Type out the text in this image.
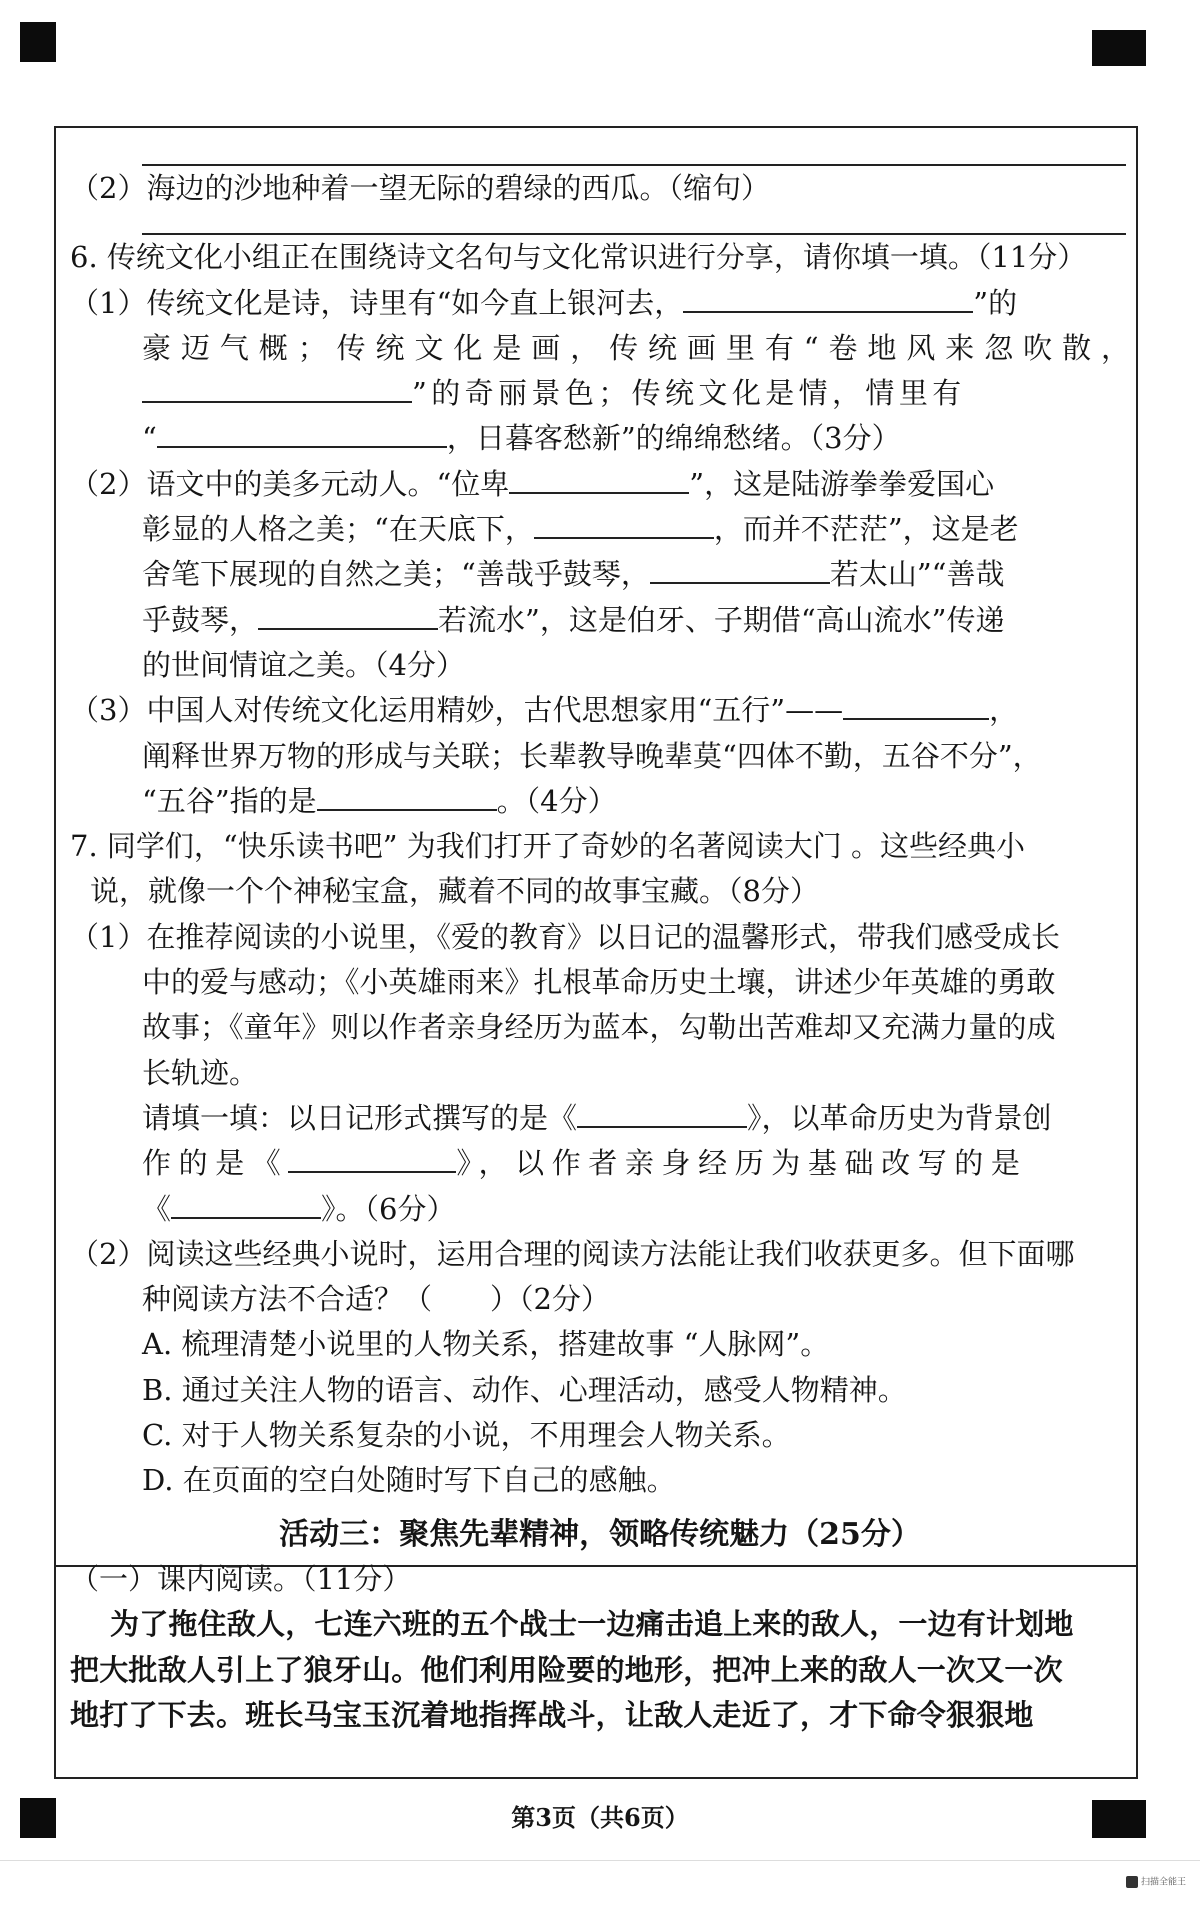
（2）海边的沙地种着一望无际的碧绿的西瓜。（缩句）
6. 传统文化小组正在围绕诗文名句与文化常识进行分享，请你填一填。（11分）
（1）传统文化是诗，诗里有“如今直上银河去，	”的
豪迈气概；传统文化是画，传统画里有“卷地风来忽吹散，
”的奇丽景色；传统文化是情，情里有
“	，日暮客愁新”的绵绵愁绪。（3分）
（2）语文中的美多元动人。“位卑	”，这是陆游拳拳爱国心
彰显的人格之美；“在天底下，	，而并不茫茫”，这是老
舍笔下展现的自然之美；“善哉乎鼓琴，	若太山”“善哉
乎鼓琴，	若流水”，这是伯牙、子期借“高山流水”传递
的世间情谊之美。（4分）
（3）中国人对传统文化运用精妙，古代思想家用“五行”——	，
阐释世界万物的形成与关联；长辈教导晚辈莫“四体不勤，五谷不分”，
“五谷”指的是	。（4分）
7. 同学们，“快乐读书吧” 为我们打开了奇妙的名著阅读大门 。这些经典小
说，就像一个个神秘宝盒，藏着不同的故事宝藏。（8分）
（1）在推荐阅读的小说里，《爱的教育》以日记的温馨形式，带我们感受成长
中的爱与感动；《小英雄雨来》扎根革命历史土壤，讲述少年英雄的勇敢
故事；《童年》则以作者亲身经历为蓝本，勾勒出苦难却又充满力量的成
长轨迹。
请填一填：以日记形式撰写的是《	》，以革命历史为背景创
作的是《	》，以作者亲身经历为基础改写的是
《	》。（6分）
（2）阅读这些经典小说时，运用合理的阅读方法能让我们收获更多。但下面哪
种阅读方法不合适？（　　）（2分）
A. 梳理清楚小说里的人物关系，搭建故事 “人脉网”。
B. 通过关注人物的语言、动作、心理活动，感受人物精神。
C. 对于人物关系复杂的小说，不用理会人物关系。
D. 在页面的空白处随时写下自己的感触。
活动三：聚焦先辈精神，领略传统魅力（25分）
（一）课内阅读。（11分）
为了拖住敌人，七连六班的五个战士一边痛击追上来的敌人，一边有计划地
把大批敌人引上了狼牙山。他们利用险要的地形，把冲上来的敌人一次又一次
地打了下去。班长马宝玉沉着地指挥战斗，让敌人走近了，才下命令狠狠地
第3页（共6页）
扫描全能王
